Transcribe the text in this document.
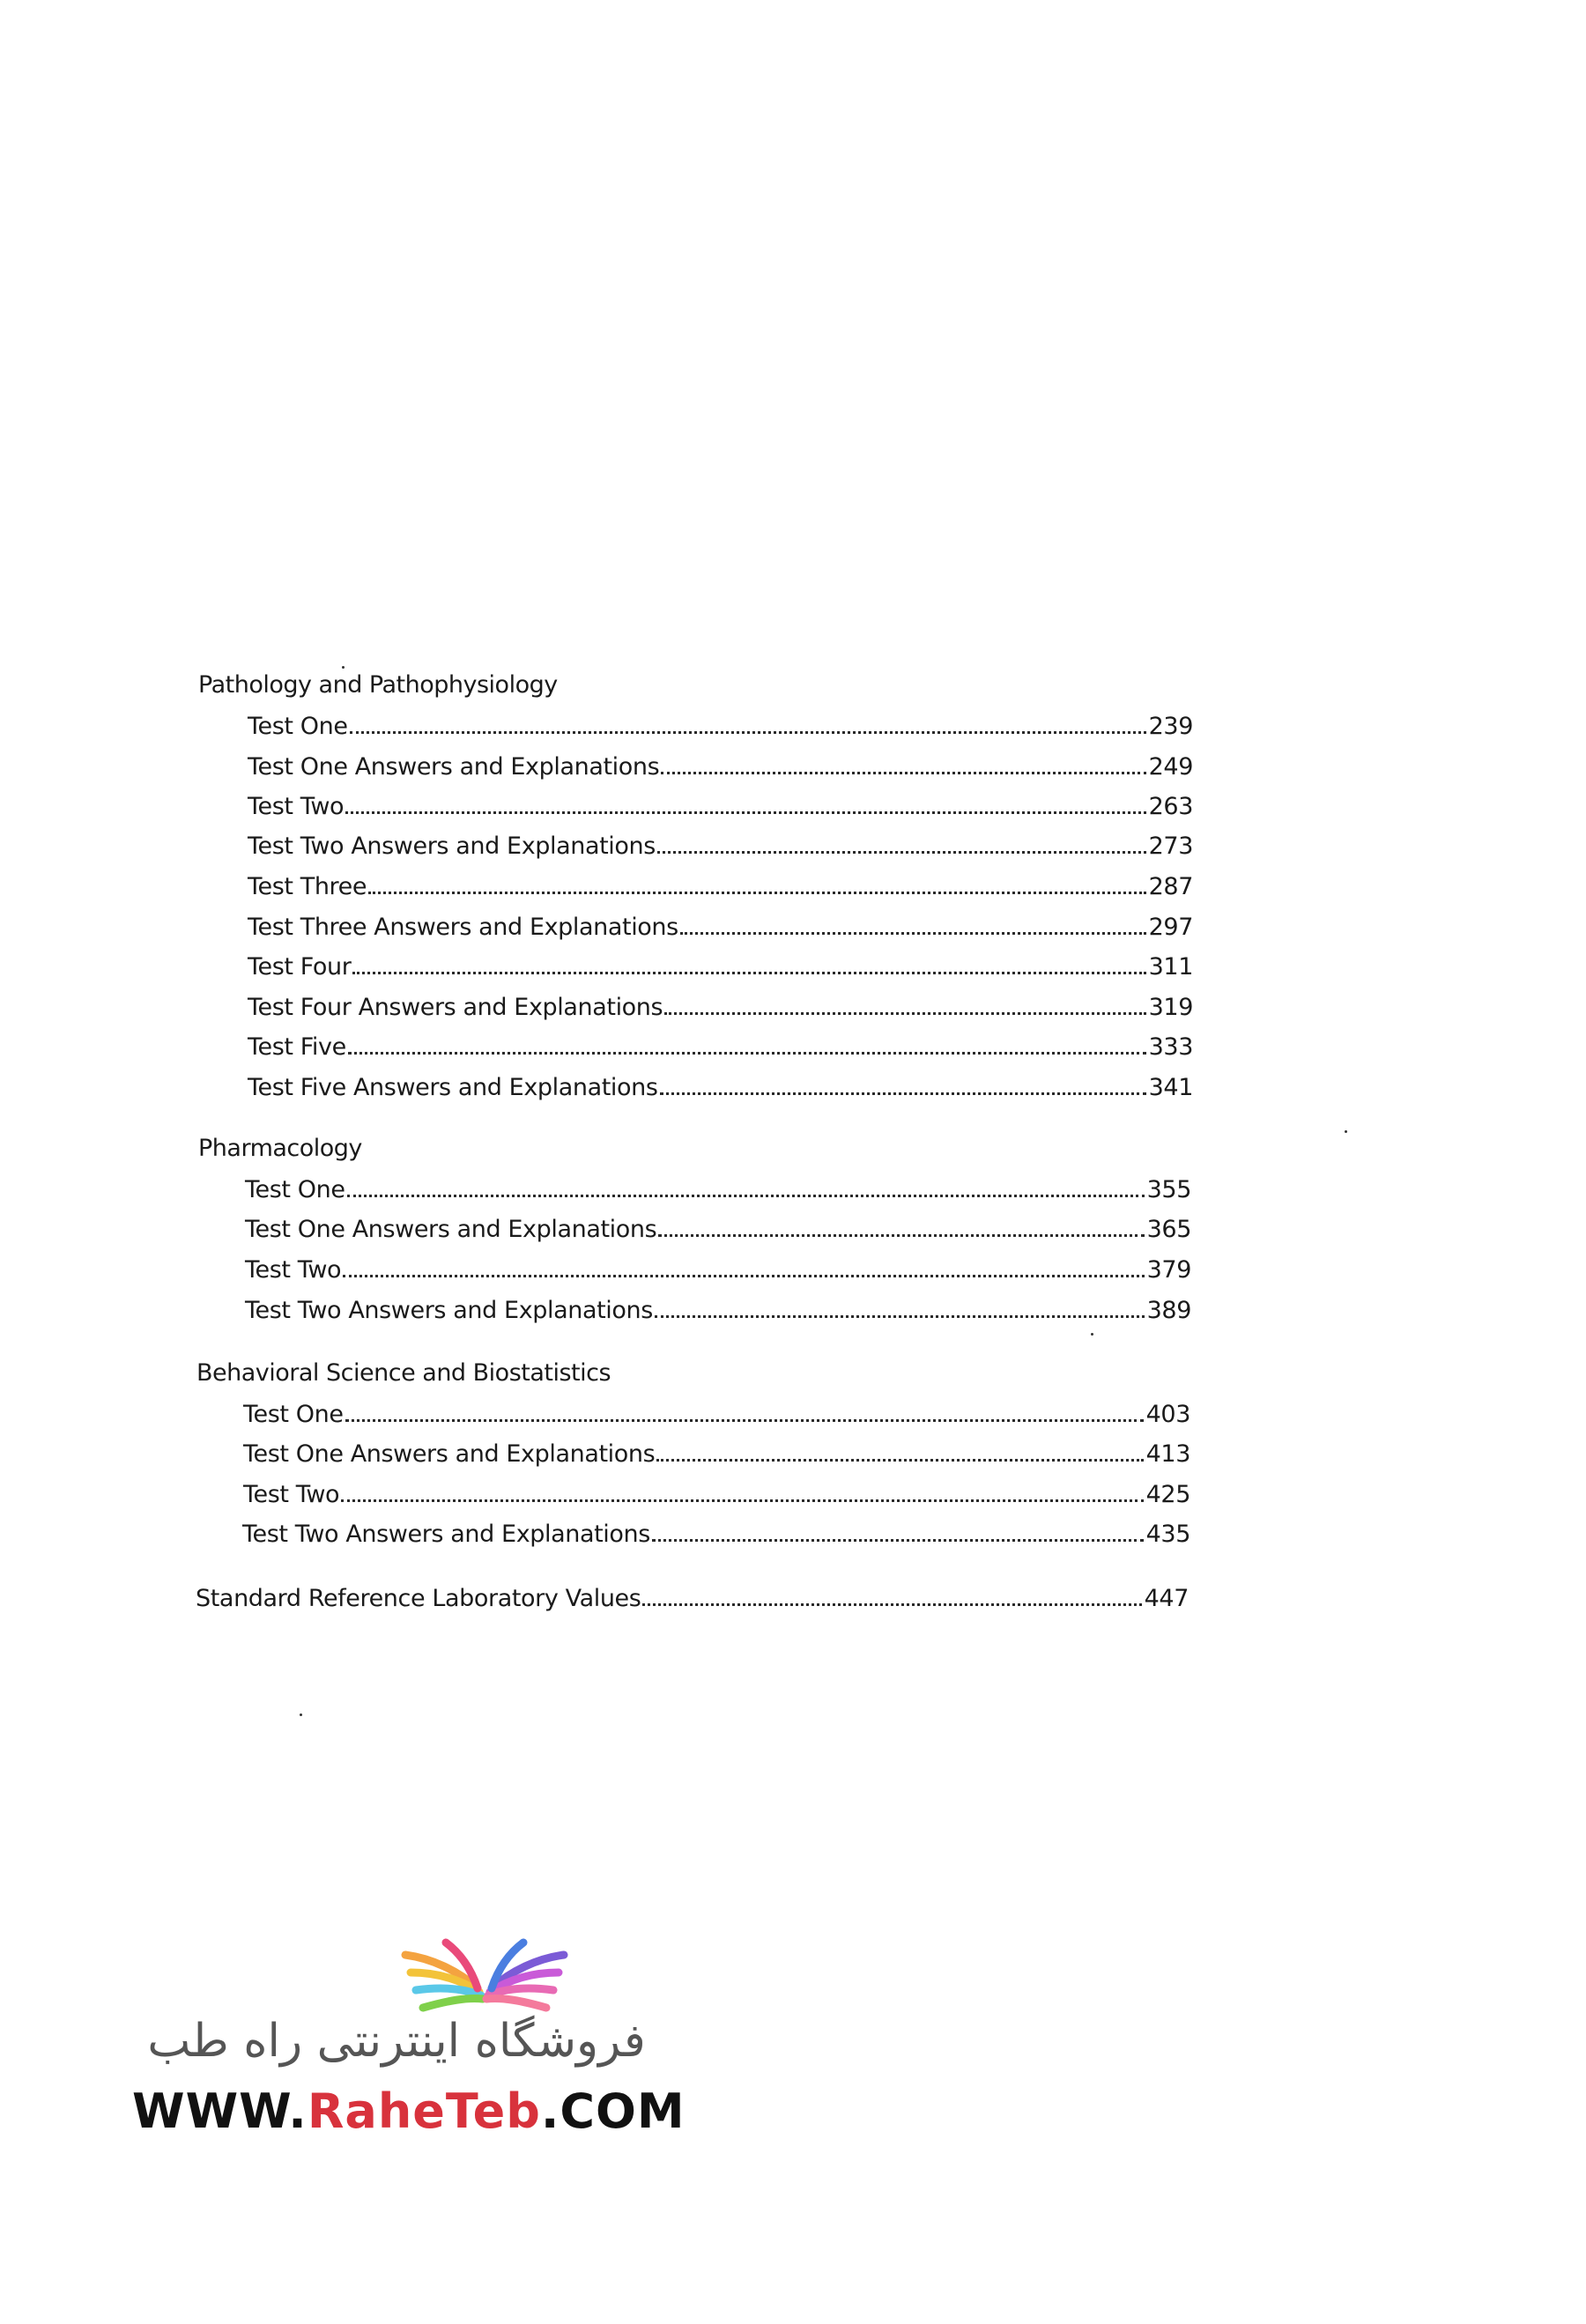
Pathology and Pathophysiology
Test One	239
Test One Answers and Explanations	249
Test Two	263
Test Two Answers and Explanations	273
Test Three	287
Test Three Answers and Explanations	297
Test Four	311
Test Four Answers and Explanations	319
Test Five	333
Test Five Answers and Explanations	341
Pharmacology
Test One	355
Test One Answers and Explanations	365
Test Two	379
Test Two Answers and Explanations	389
Behavioral Science and Biostatistics
Test One	403
Test One Answers and Explanations	413
Test Two	425
Test Two Answers and Explanations	435
Standard Reference Laboratory Values	447
فروشگاه اینترنتی راه طب
WWW.RaheTeb.COM
